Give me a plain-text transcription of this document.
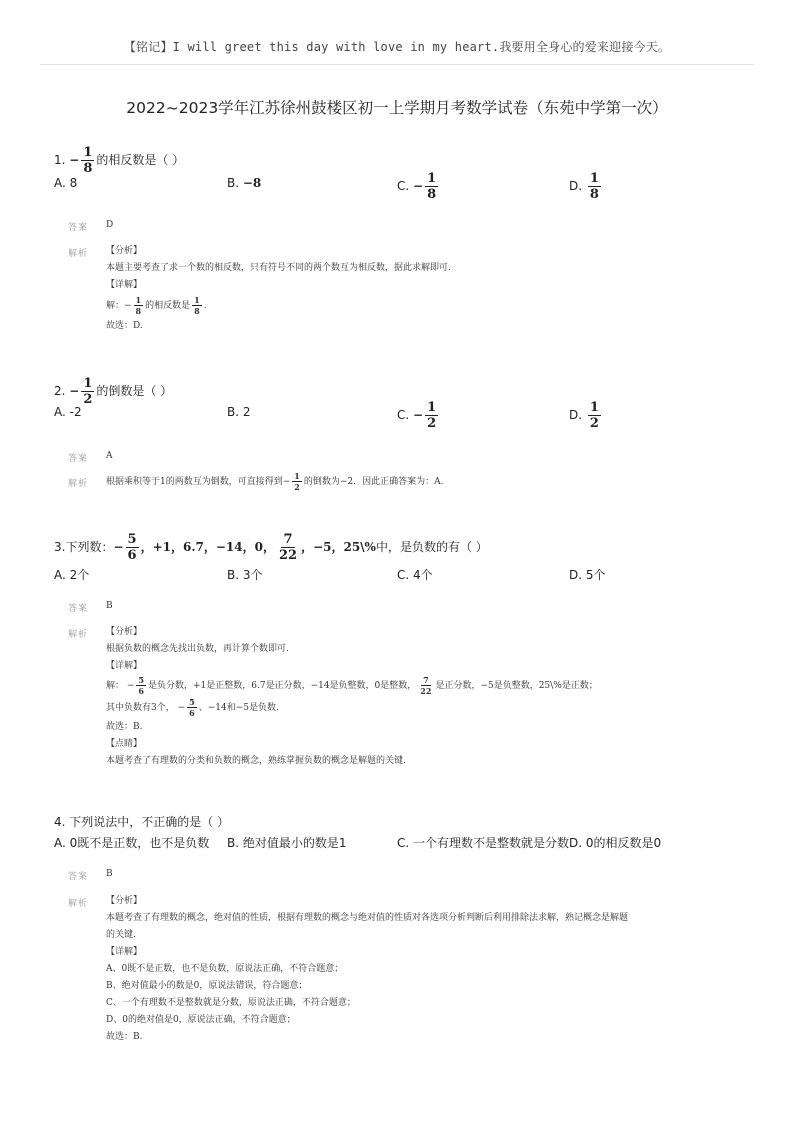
【铭记】I will greet this day with love in my heart.我要用全身心的爱来迎接今天。
2022~2023学年江苏徐州鼓楼区初一上学期月考数学试卷（东苑中学第一次）
1. − $\frac{1}{8}$ 的相反数是（ ）
A. 8	B. −8	C. − $\frac{1}{8}$	D. $\frac{1}{8}$
答案 D
解析 【分析】
本题主要考查了求一个数的相反数，只有符号不同的两个数互为相反数，据此求解即可.
【详解】
解：− $\frac{1}{8}$ 的相反数是 $\frac{1}{8}$ .
故选：D.
2. − $\frac{1}{2}$ 的倒数是（ ）
A. -2	B. 2	C. − $\frac{1}{2}$	D. $\frac{1}{2}$
答案 A
解析 根据乘积等于1的两数互为倒数，可直接得到− $\frac{1}{2}$ 的倒数为−2．因此正确答案为：A.
3.下列数：− $\frac{5}{6}$ ，+1，6.7，−14，0， $\frac{7}{22}$ ，−5，25\%中，是负数的有（ ）
A. 2个	B. 3个	C. 4个	D. 5个
答案 B
解析 【分析】
根据负数的概念先找出负数，再计算个数即可.
【详解】
解： − $\frac{5}{6}$ 是负分数，+1是正整数，6.7是正分数，−14是负整数，0是整数， $\frac{7}{22}$ 是正分数，−5是负整数，25\%是正数；
其中负数有3个， − $\frac{5}{6}$ 、−14和−5是负数.
故选：B.
【点睛】
本题考查了有理数的分类和负数的概念，熟练掌握负数的概念是解题的关键.
4. 下列说法中，不正确的是（ ）
A. 0既不是正数，也不是负数 B. 绝对值最小的数是1	C. 一个有理数不是整数就是分数 D. 0的相反数是0
答案 B
解析 【分析】
本题考查了有理数的概念，绝对值的性质，根据有理数的概念与绝对值的性质对各选项分析判断后利用排除法求解，熟记概念是解题
的关键.
【详解】
A、0既不是正数，也不是负数，原说法正确，不符合题意；
B、绝对值最小的数是0，原说法错误，符合题意；
C、一个有理数不是整数就是分数，原说法正确，不符合题意；
D、0的绝对值是0，原说法正确，不符合题意；
故选：B.
